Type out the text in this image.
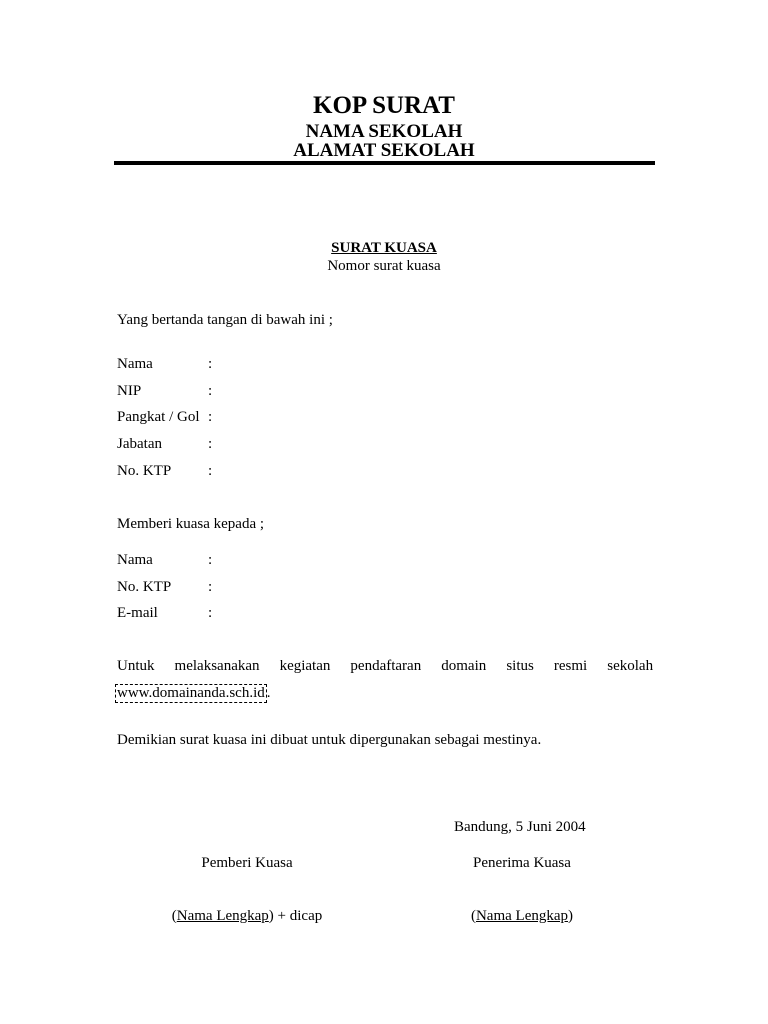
KOP SURAT
NAMA SEKOLAH
ALAMAT SEKOLAH
SURAT KUASA
Nomor surat kuasa
Yang bertanda tangan di bawah ini ;
Nama	:
NIP	:
Pangkat / Gol :
Jabatan	:
No. KTP :
Memberi kuasa kepada ;
Nama	:
No. KTP :
E-mail	:
Untuk melaksanakan kegiatan pendaftaran domain situs resmi sekolah
www.domainanda.sch.id .
Demikian surat kuasa ini dibuat untuk dipergunakan sebagai mestinya.
Bandung, 5 Juni 2004
Pemberi Kuasa	Penerima Kuasa
(Nama Lengkap) + dicap	(Nama Lengkap)
